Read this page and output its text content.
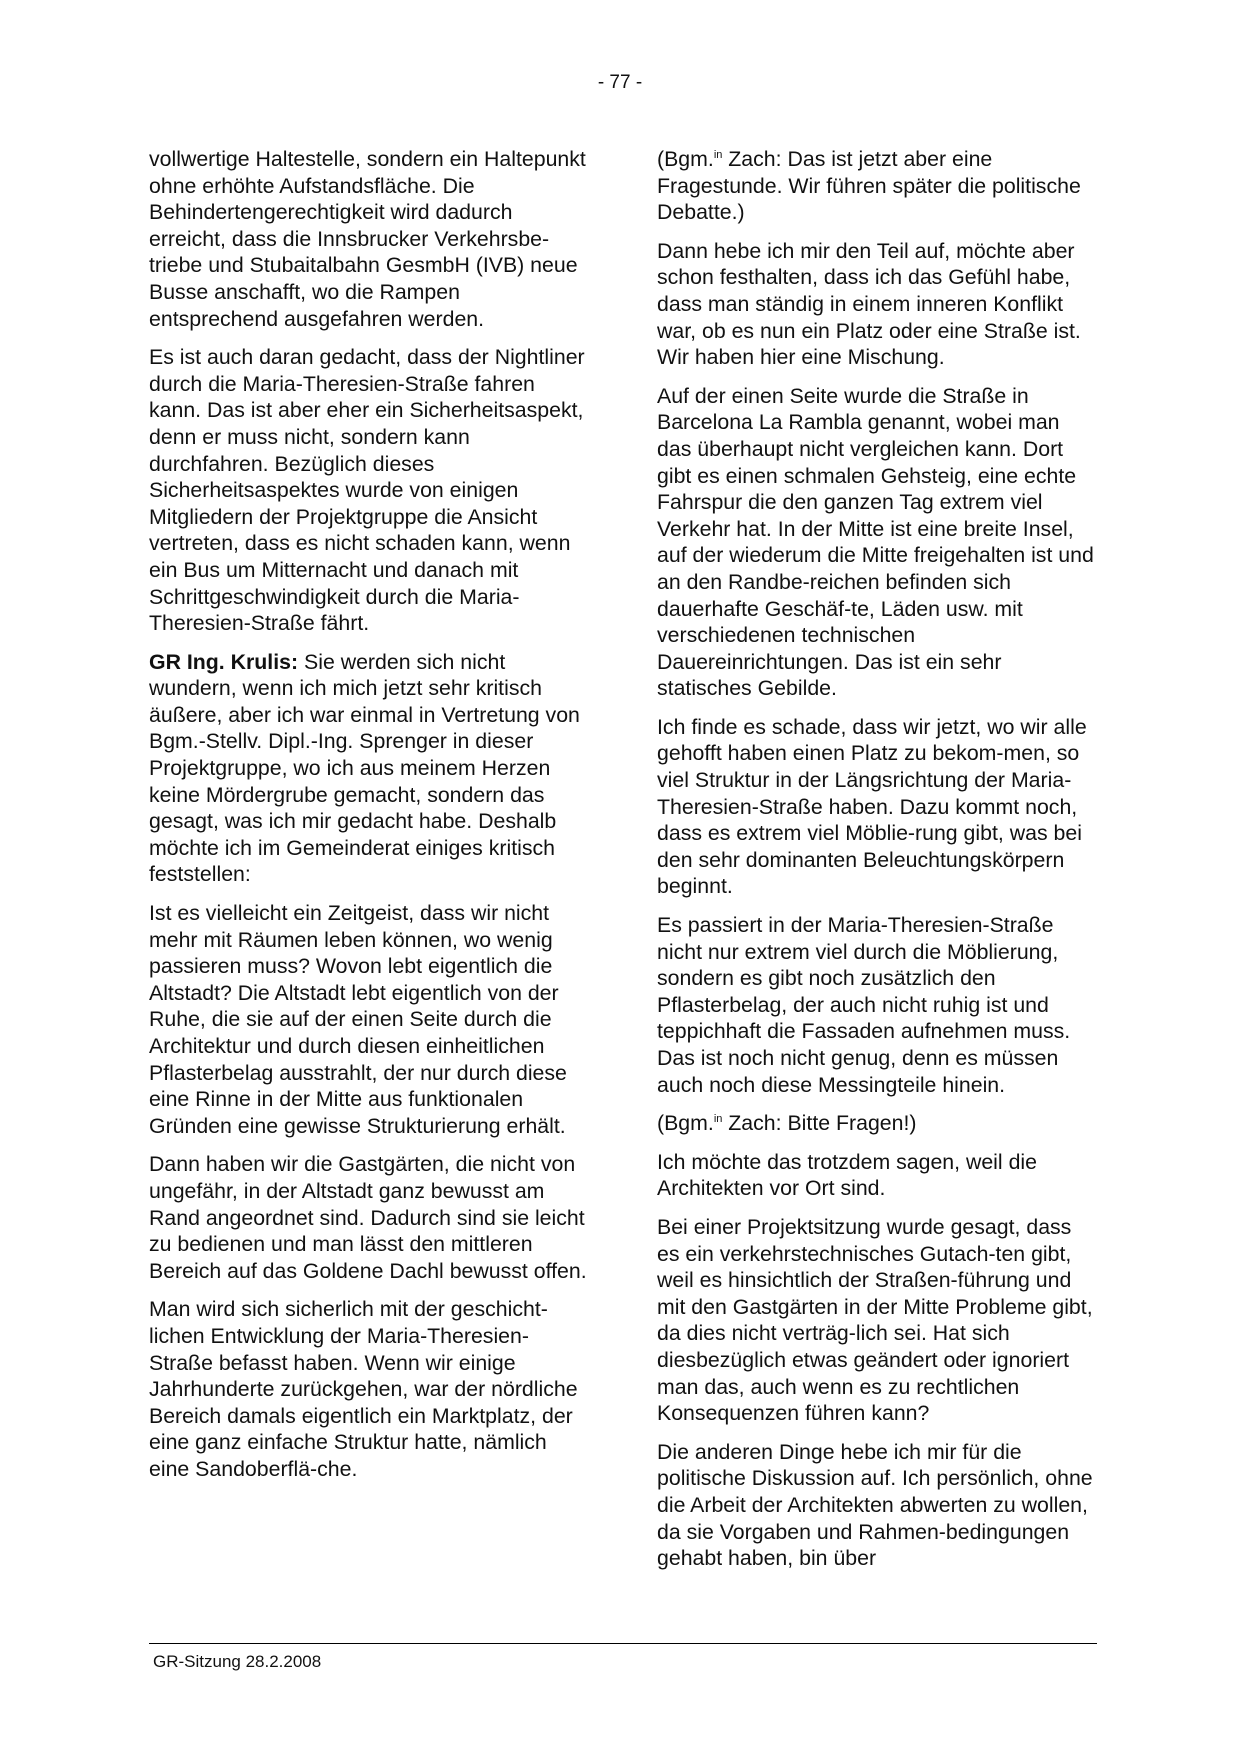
- 77 -

vollwertige Haltestelle, sondern ein Haltepunkt ohne erhöhte Aufstandsfläche. Die Behindertengerechtigkeit wird dadurch erreicht, dass die Innsbrucker Verkehrsbe-triebe und Stubaitalbahn GesmbH (IVB) neue Busse anschafft, wo die Rampen entsprechend ausgefahren werden.

Es ist auch daran gedacht, dass der Nightliner durch die Maria-Theresien-Straße fahren kann. Das ist aber eher ein Sicherheitsaspekt, denn er muss nicht, sondern kann durchfahren. Bezüglich dieses Sicherheitsaspektes wurde von einigen Mitgliedern der Projektgruppe die Ansicht vertreten, dass es nicht schaden kann, wenn ein Bus um Mitternacht und danach mit Schrittgeschwindigkeit durch die Maria-Theresien-Straße fährt.

GR Ing. Krulis: Sie werden sich nicht wundern, wenn ich mich jetzt sehr kritisch äußere, aber ich war einmal in Vertretung von Bgm.-Stellv. Dipl.-Ing. Sprenger in dieser Projektgruppe, wo ich aus meinem Herzen keine Mördergrube gemacht, sondern das gesagt, was ich mir gedacht habe. Deshalb möchte ich im Gemeinderat einiges kritisch feststellen:

Ist es vielleicht ein Zeitgeist, dass wir nicht mehr mit Räumen leben können, wo wenig passieren muss? Wovon lebt eigentlich die Altstadt? Die Altstadt lebt eigentlich von der Ruhe, die sie auf der einen Seite durch die Architektur und durch diesen einheitlichen Pflasterbelag ausstrahlt, der nur durch diese eine Rinne in der Mitte aus funktionalen Gründen eine gewisse Strukturierung erhält.

Dann haben wir die Gastgärten, die nicht von ungefähr, in der Altstadt ganz bewusst am Rand angeordnet sind. Dadurch sind sie leicht zu bedienen und man lässt den mittleren Bereich auf das Goldene Dachl bewusst offen.

Man wird sich sicherlich mit der geschicht-lichen Entwicklung der Maria-Theresien-Straße befasst haben. Wenn wir einige Jahrhunderte zurückgehen, war der nördliche Bereich damals eigentlich ein Marktplatz, der eine ganz einfache Struktur hatte, nämlich eine Sandoberflä-che.

(Bgm.$^{in}$ Zach: Das ist jetzt aber eine Fragestunde. Wir führen später die politische Debatte.)

Dann hebe ich mir den Teil auf, möchte aber schon festhalten, dass ich das Gefühl habe, dass man ständig in einem inneren Konflikt war, ob es nun ein Platz oder eine Straße ist. Wir haben hier eine Mischung.

Auf der einen Seite wurde die Straße in Barcelona La Rambla genannt, wobei man das überhaupt nicht vergleichen kann. Dort gibt es einen schmalen Gehsteig, eine echte Fahrspur die den ganzen Tag extrem viel Verkehr hat. In der Mitte ist eine breite Insel, auf der wiederum die Mitte freigehalten ist und an den Randbe-reichen befinden sich dauerhafte Geschäf-te, Läden usw. mit verschiedenen technischen Dauereinrichtungen. Das ist ein sehr statisches Gebilde.

Ich finde es schade, dass wir jetzt, wo wir alle gehofft haben einen Platz zu bekom-men, so viel Struktur in der Längsrichtung der Maria-Theresien-Straße haben. Dazu kommt noch, dass es extrem viel Möblie-rung gibt, was bei den sehr dominanten Beleuchtungskörpern beginnt.

Es passiert in der Maria-Theresien-Straße nicht nur extrem viel durch die Möblierung, sondern es gibt noch zusätzlich den Pflasterbelag, der auch nicht ruhig ist und teppichhaft die Fassaden aufnehmen muss. Das ist noch nicht genug, denn es müssen auch noch diese Messingteile hinein.

(Bgm.$^{in}$ Zach: Bitte Fragen!)

Ich möchte das trotzdem sagen, weil die Architekten vor Ort sind.

Bei einer Projektsitzung wurde gesagt, dass es ein verkehrstechnisches Gutach-ten gibt, weil es hinsichtlich der Straßen-führung und mit den Gastgärten in der Mitte Probleme gibt, da dies nicht verträg-lich sei. Hat sich diesbezüglich etwas geändert oder ignoriert man das, auch wenn es zu rechtlichen Konsequenzen führen kann?

Die anderen Dinge hebe ich mir für die politische Diskussion auf. Ich persönlich, ohne die Arbeit der Architekten abwerten zu wollen, da sie Vorgaben und Rahmen-bedingungen gehabt haben, bin über

GR-Sitzung 28.2.2008
